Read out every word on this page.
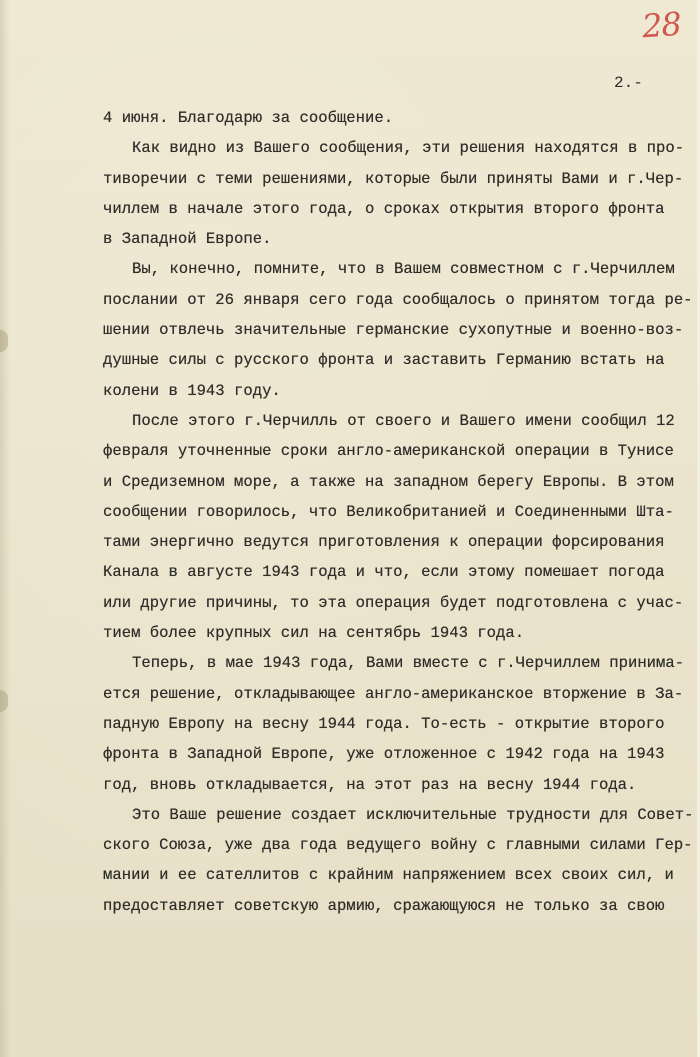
28
2.-
4 июня. Благодарю за сообщение.
Как видно из Вашего сообщения, эти решения находятся в про-
тиворечии с теми решениями, которые были приняты Вами и г.Чер-
чиллем в начале этого года, о сроках открытия второго фронта
в Западной Европе.
Вы, конечно, помните, что в Вашем совместном с г.Черчиллем
послании от 26 января сего года сообщалось о принятом тогда ре-
шении отвлечь значительные германские сухопутные и военно-воз-
душные силы с русского фронта и заставить Германию встать на
колени в 1943 году.
После этого г.Черчилль от своего и Вашего имени сообщил 12
февраля уточненные сроки англо-американской операции в Тунисе
и Средиземном море, а также на западном берегу Европы. В этом
сообщении говорилось, что Великобританией и Соединенными Шта-
тами энергично ведутся приготовления к операции форсирования
Канала в августе 1943 года и что, если этому помешает погода
или другие причины, то эта операция будет подготовлена с учас-
тием более крупных сил на сентябрь 1943 года.
Теперь, в мае 1943 года, Вами вместе с г.Черчиллем принима-
ется решение, откладывающее англо-американское вторжение в За-
падную Европу на весну 1944 года. То-есть - открытие второго
фронта в Западной Европе, уже отложенное с 1942 года на 1943
год, вновь откладывается, на этот раз на весну 1944 года.
Это Ваше решение создает исключительные трудности для Совет-
ского Союза, уже два года ведущего войну с главными силами Гер-
мании и ее сателлитов с крайним напряжением всех своих сил, и
предоставляет советскую армию, сражающуюся не только за свою
